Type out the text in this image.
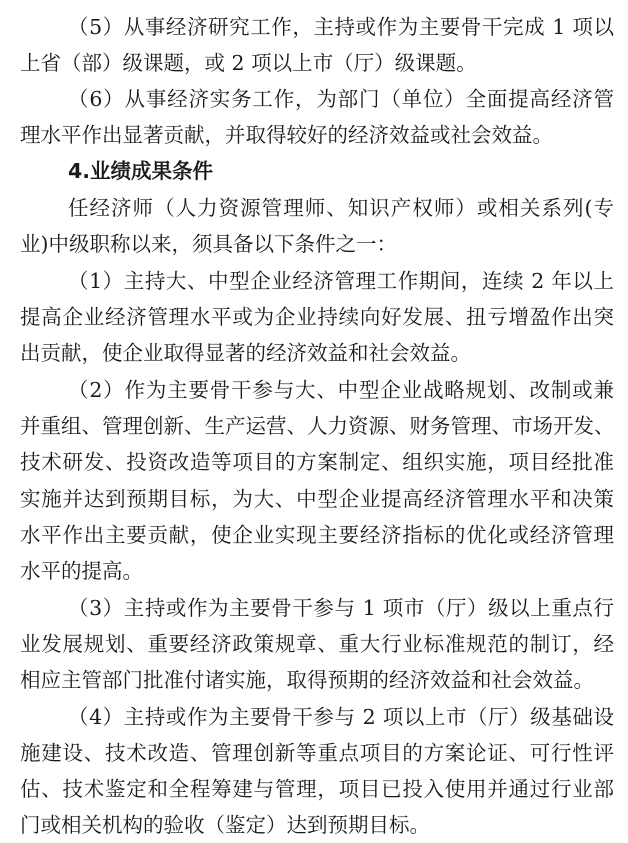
（5）从事经济研究工作，主持或作为主要骨干完成 1 项以
上省（部）级课题，或 2 项以上市（厅）级课题。
（6）从事经济实务工作，为部门（单位）全面提高经济管
理水平作出显著贡献，并取得较好的经济效益或社会效益。
4.业绩成果条件
任经济师（人力资源管理师、知识产权师）或相关系列(专
业)中级职称以来，须具备以下条件之一：
（1）主持大、中型企业经济管理工作期间，连续 2 年以上
提高企业经济管理水平或为企业持续向好发展、扭亏增盈作出突
出贡献，使企业取得显著的经济效益和社会效益。
（2）作为主要骨干参与大、中型企业战略规划、改制或兼
并重组、管理创新、生产运营、人力资源、财务管理、市场开发、
技术研发、投资改造等项目的方案制定、组织实施，项目经批准
实施并达到预期目标，为大、中型企业提高经济管理水平和决策
水平作出主要贡献，使企业实现主要经济指标的优化或经济管理
水平的提高。
（3）主持或作为主要骨干参与 1 项市（厅）级以上重点行
业发展规划、重要经济政策规章、重大行业标准规范的制订，经
相应主管部门批准付诸实施，取得预期的经济效益和社会效益。
（4）主持或作为主要骨干参与 2 项以上市（厅）级基础设
施建设、技术改造、管理创新等重点项目的方案论证、可行性评
估、技术鉴定和全程筹建与管理，项目已投入使用并通过行业部
门或相关机构的验收（鉴定）达到预期目标。
